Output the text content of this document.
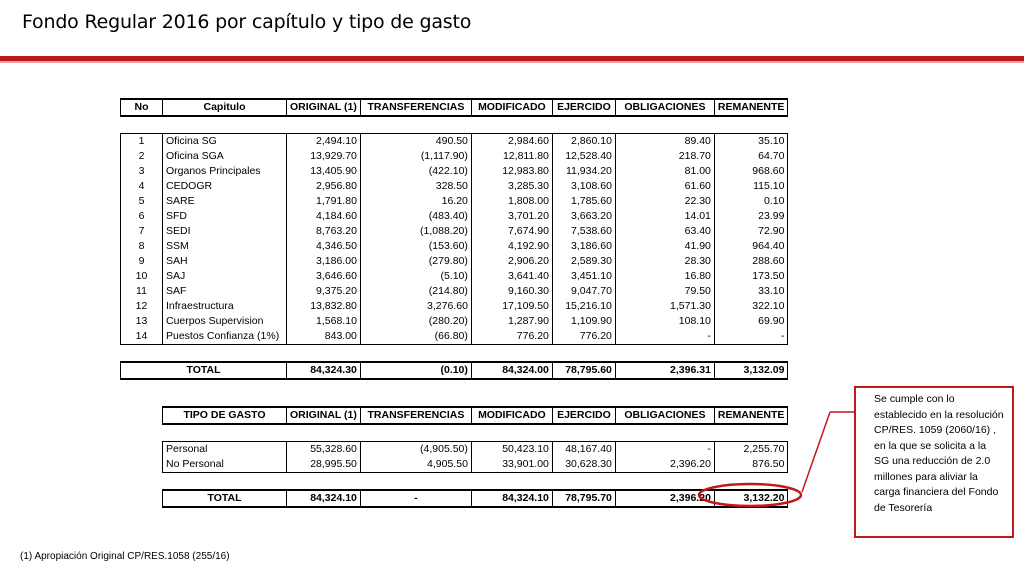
Fondo Regular 2016 por capítulo y tipo de gasto
No	Capitulo	ORIGINAL (1)	TRANSFERENCIAS	MODIFICADO	EJERCIDO	OBLIGACIONES	REMANENTE

1	Oficina SG	2,494.10	490.50	2,984.60	2,860.10	89.40	35.10
2	Oficina SGA	13,929.70	(1,117.90)	12,811.80	12,528.40	218.70	64.70
3	Organos Principales	13,405.90	(422.10)	12,983.80	11,934.20	81.00	968.60
4	CEDOGR	2,956.80	328.50	3,285.30	3,108.60	61.60	115.10
5	SARE	1,791.80	16.20	1,808.00	1,785.60	22.30	0.10
6	SFD	4,184.60	(483.40)	3,701.20	3,663.20	14.01	23.99
7	SEDI	8,763.20	(1,088.20)	7,674.90	7,538.60	63.40	72.90
8	SSM	4,346.50	(153.60)	4,192.90	3,186.60	41.90	964.40
9	SAH	3,186.00	(279.80)	2,906.20	2,589.30	28.30	288.60
10	SAJ	3,646.60	(5.10)	3,641.40	3,451.10	16.80	173.50
11	SAF	9,375.20	(214.80)	9,160.30	9,047.70	79.50	33.10
12	Infraestructura	13,832.80	3,276.60	17,109.50	15,216.10	1,571.30	322.10
13	Cuerpos Supervision	1,568.10	(280.20)	1,287.90	1,109.90	108.10	69.90
14	Puestos Confianza (1%)	843.00	(66.80)	776.20	776.20	-	-

TOTAL		84,324.30	(0.10)	84,324.00	78,795.60	2,396.31	3,132.09
TIPO DE GASTO	ORIGINAL (1)	TRANSFERENCIAS	MODIFICADO	EJERCIDO	OBLIGACIONES	REMANENTE

Personal	55,328.60	(4,905.50)	50,423.10	48,167.40	-	2,255.70
No Personal	28,995.50	4,905.50	33,901.00	30,628.30	2,396.20	876.50

TOTAL	84,324.10	-	84,324.10	78,795.70	2,396.20	3,132.20
Se cumple con lo establecido en la resolución CP/RES. 1059 (2060/16) , en la que se solicita a la SG una reducción de 2.0 millones para aliviar la carga financiera del Fondo de Tesorería
(1) Apropiación Original CP/RES.1058 (255/16)
